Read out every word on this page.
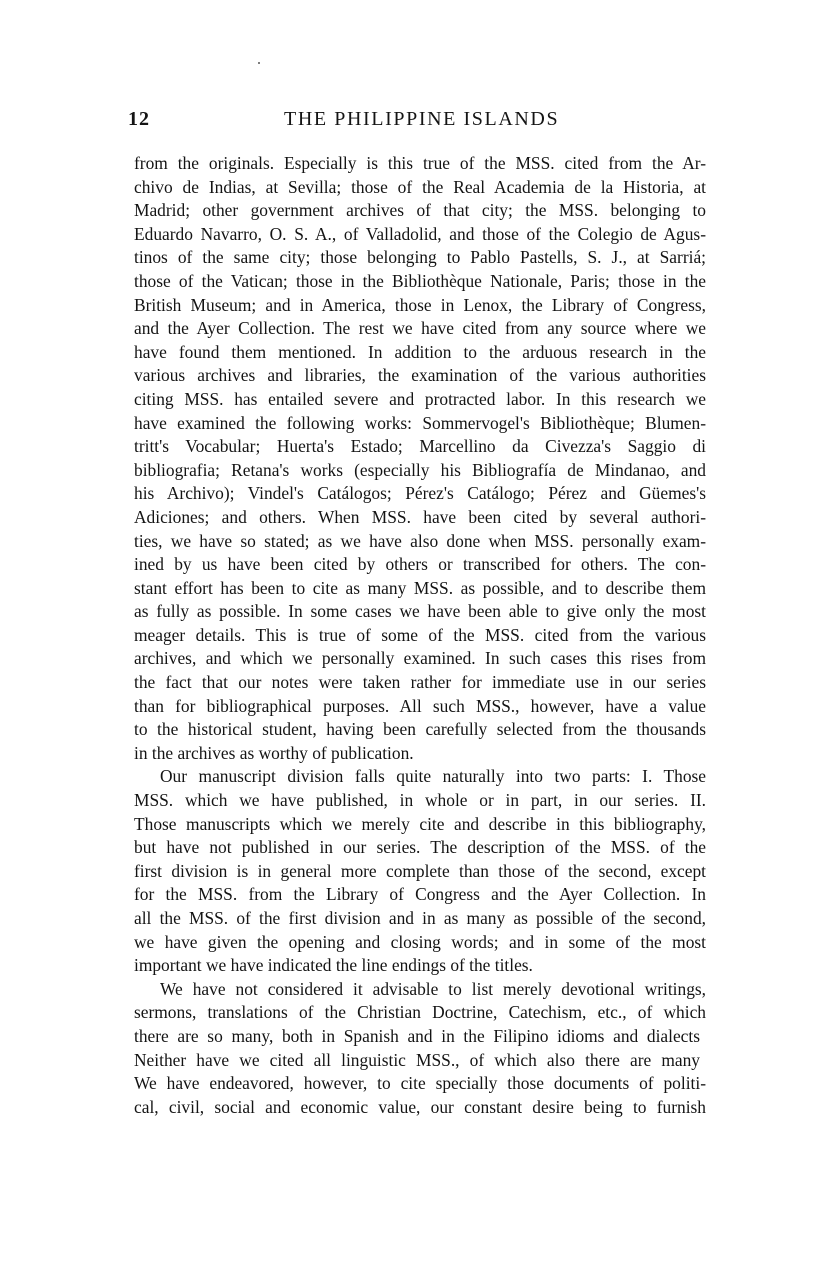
12	THE PHILIPPINE ISLANDS
from the originals. Especially is this true of the MSS. cited from the Ar-
chivo de Indias, at Sevilla; those of the Real Academia de la Historia, at
Madrid; other government archives of that city; the MSS. belonging to
Eduardo Navarro, O. S. A., of Valladolid, and those of the Colegio de Agus-
tinos of the same city; those belonging to Pablo Pastells, S. J., at Sarriá;
those of the Vatican; those in the Bibliothèque Nationale, Paris; those in the
British Museum; and in America, those in Lenox, the Library of Congress,
and the Ayer Collection. The rest we have cited from any source where we
have found them mentioned. In addition to the arduous research in the
various archives and libraries, the examination of the various authorities
citing MSS. has entailed severe and protracted labor. In this research we
have examined the following works: Sommervogel's Bibliothèque; Blumen-
tritt's Vocabular; Huerta's Estado; Marcellino da Civezza's Saggio di
bibliografia; Retana's works (especially his Bibliografía de Mindanao, and
his Archivo); Vindel's Catálogos; Pérez's Catálogo; Pérez and Güemes's
Adiciones; and others. When MSS. have been cited by several authori-
ties, we have so stated; as we have also done when MSS. personally exam-
ined by us have been cited by others or transcribed for others. The con-
stant effort has been to cite as many MSS. as possible, and to describe them
as fully as possible. In some cases we have been able to give only the most
meager details. This is true of some of the MSS. cited from the various
archives, and which we personally examined. In such cases this rises from
the fact that our notes were taken rather for immediate use in our series
than for bibliographical purposes. All such MSS., however, have a value
to the historical student, having been carefully selected from the thousands
in the archives as worthy of publication.
Our manuscript division falls quite naturally into two parts: I. Those
MSS. which we have published, in whole or in part, in our series. II.
Those manuscripts which we merely cite and describe in this bibliography,
but have not published in our series. The description of the MSS. of the
first division is in general more complete than those of the second, except
for the MSS. from the Library of Congress and the Ayer Collection. In
all the MSS. of the first division and in as many as possible of the second,
we have given the opening and closing words; and in some of the most
important we have indicated the line endings of the titles.
We have not considered it advisable to list merely devotional writings,
sermons, translations of the Christian Doctrine, Catechism, etc., of which
there are so many, both in Spanish and in the Filipino idioms and dialects
Neither have we cited all linguistic MSS., of which also there are many
We have endeavored, however, to cite specially those documents of politi-
cal, civil, social and economic value, our constant desire being to furnish
